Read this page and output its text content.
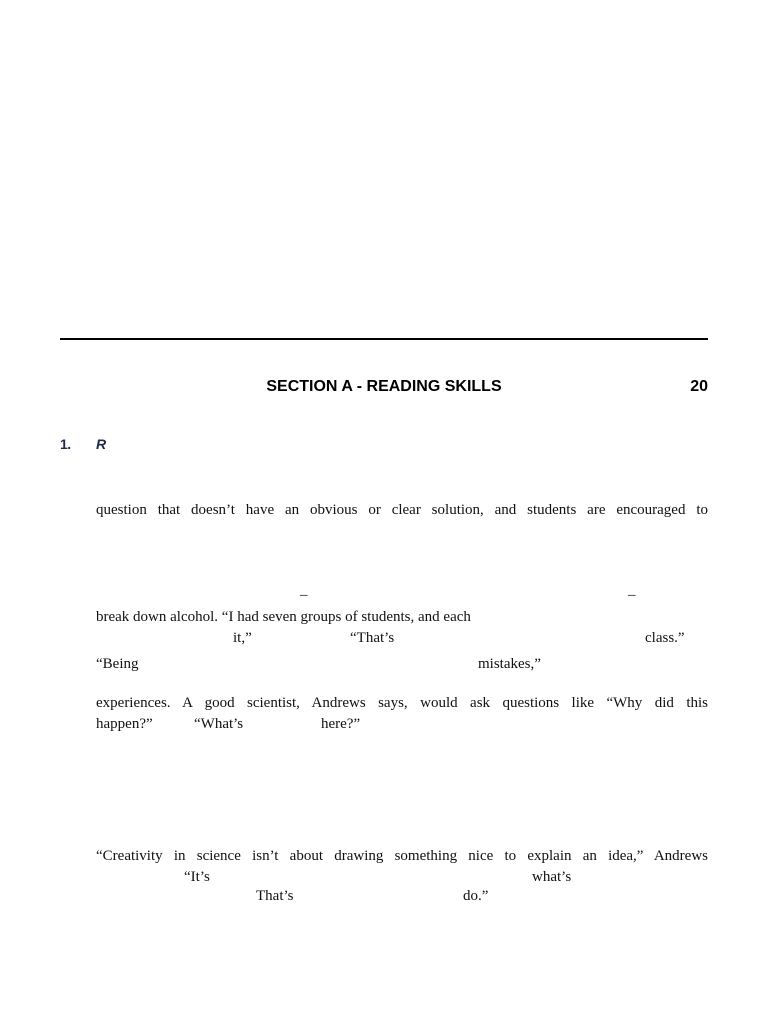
SECTION A - READING SKILLS	20
1. R
question that doesn’t have an obvious or clear solution, and students are encouraged to
–	–
break down alcohol. “I had seven groups of students, and each
it,”	“That’s	class.”
“Being	mistakes,”
experiences. A good scientist, Andrews says, would ask questions like “Why did this
happen?”	“What’s	here?”
“Creativity in science isn’t about drawing something nice to explain an idea,” Andrews
“It’s	what’s
That’s	do.”
